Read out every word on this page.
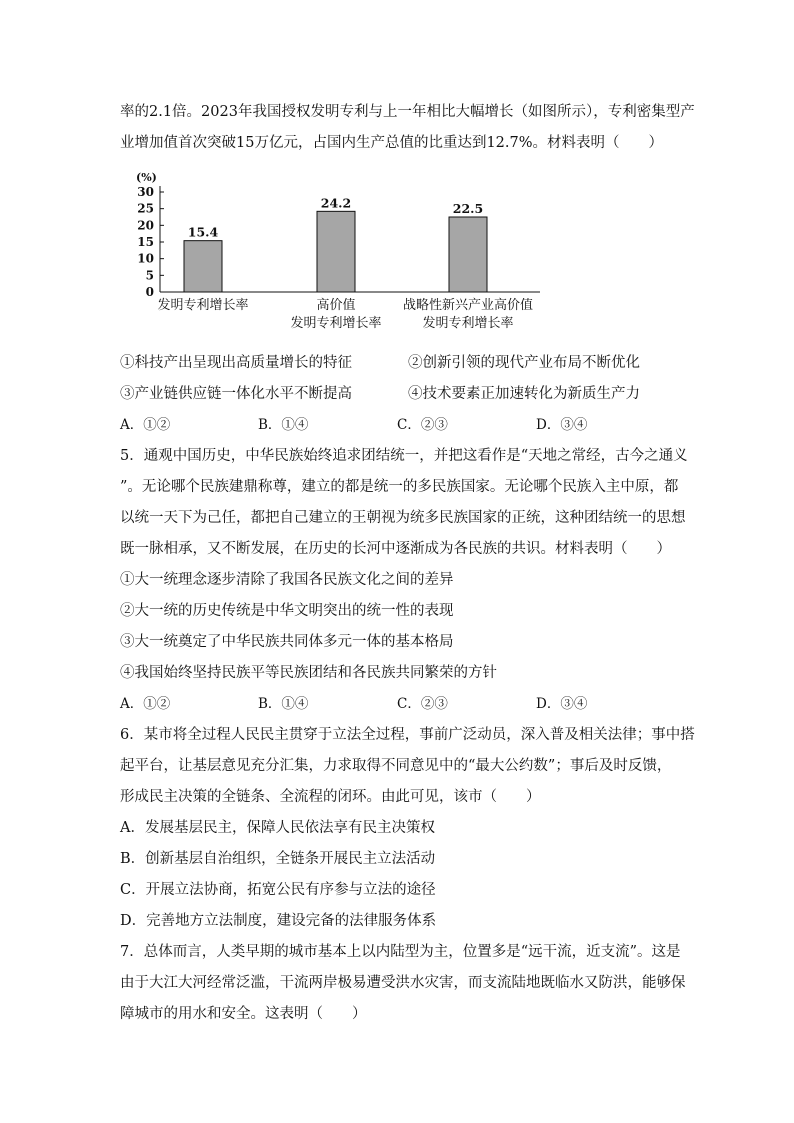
率的2.1倍。2023年我国授权发明专利与上一年相比大幅增长（如图所示），专利密集型产
业增加值首次突破15万亿元，占国内生产总值的比重达到12.7%。材料表明（　　）
(%)
0
5
10
15
20
25
30
15.4
24.2	22.5
发明专利增长率	高价值
发明专利增长率
战略性新兴产业高价值
发明专利增长率
①科技产出呈现出高质量增长的特征	②创新引领的现代产业布局不断优化
③产业链供应链一体化水平不断提高	④技术要素正加速转化为新质生产力
A．①②	B．①④	C．②③	D．③④
5．通观中国历史，中华民族始终追求团结统一，并把这看作是“天地之常经，古今之通义
”。无论哪个民族建鼎称尊，建立的都是统一的多民族国家。无论哪个民族入主中原，都
以统一天下为己任，都把自己建立的王朝视为统多民族国家的正统，这种团结统一的思想
既一脉相承，又不断发展，在历史的长河中逐渐成为各民族的共识。材料表明（　　）
①大一统理念逐步清除了我国各民族文化之间的差异
②大一统的历史传统是中华文明突出的统一性的表现
③大一统奠定了中华民族共同体多元一体的基本格局
④我国始终坚持民族平等民族团结和各民族共同繁荣的方针
A．①②	B．①④	C．②③	D．③④
6．某市将全过程人民民主贯穿于立法全过程，事前广泛动员，深入普及相关法律；事中搭
起平台，让基层意见充分汇集，力求取得不同意见中的“最大公约数”；事后及时反馈，
形成民主决策的全链条、全流程的闭环。由此可见，该市（　　）
A．发展基层民主，保障人民依法享有民主决策权
B．创新基层自治组织，全链条开展民主立法活动
C．开展立法协商，拓宽公民有序参与立法的途径
D．完善地方立法制度，建设完备的法律服务体系
7．总体而言，人类早期的城市基本上以内陆型为主，位置多是“远干流，近支流”。这是
由于大江大河经常泛滥，干流两岸极易遭受洪水灾害，而支流陆地既临水又防洪，能够保
障城市的用水和安全。这表明（　　）
